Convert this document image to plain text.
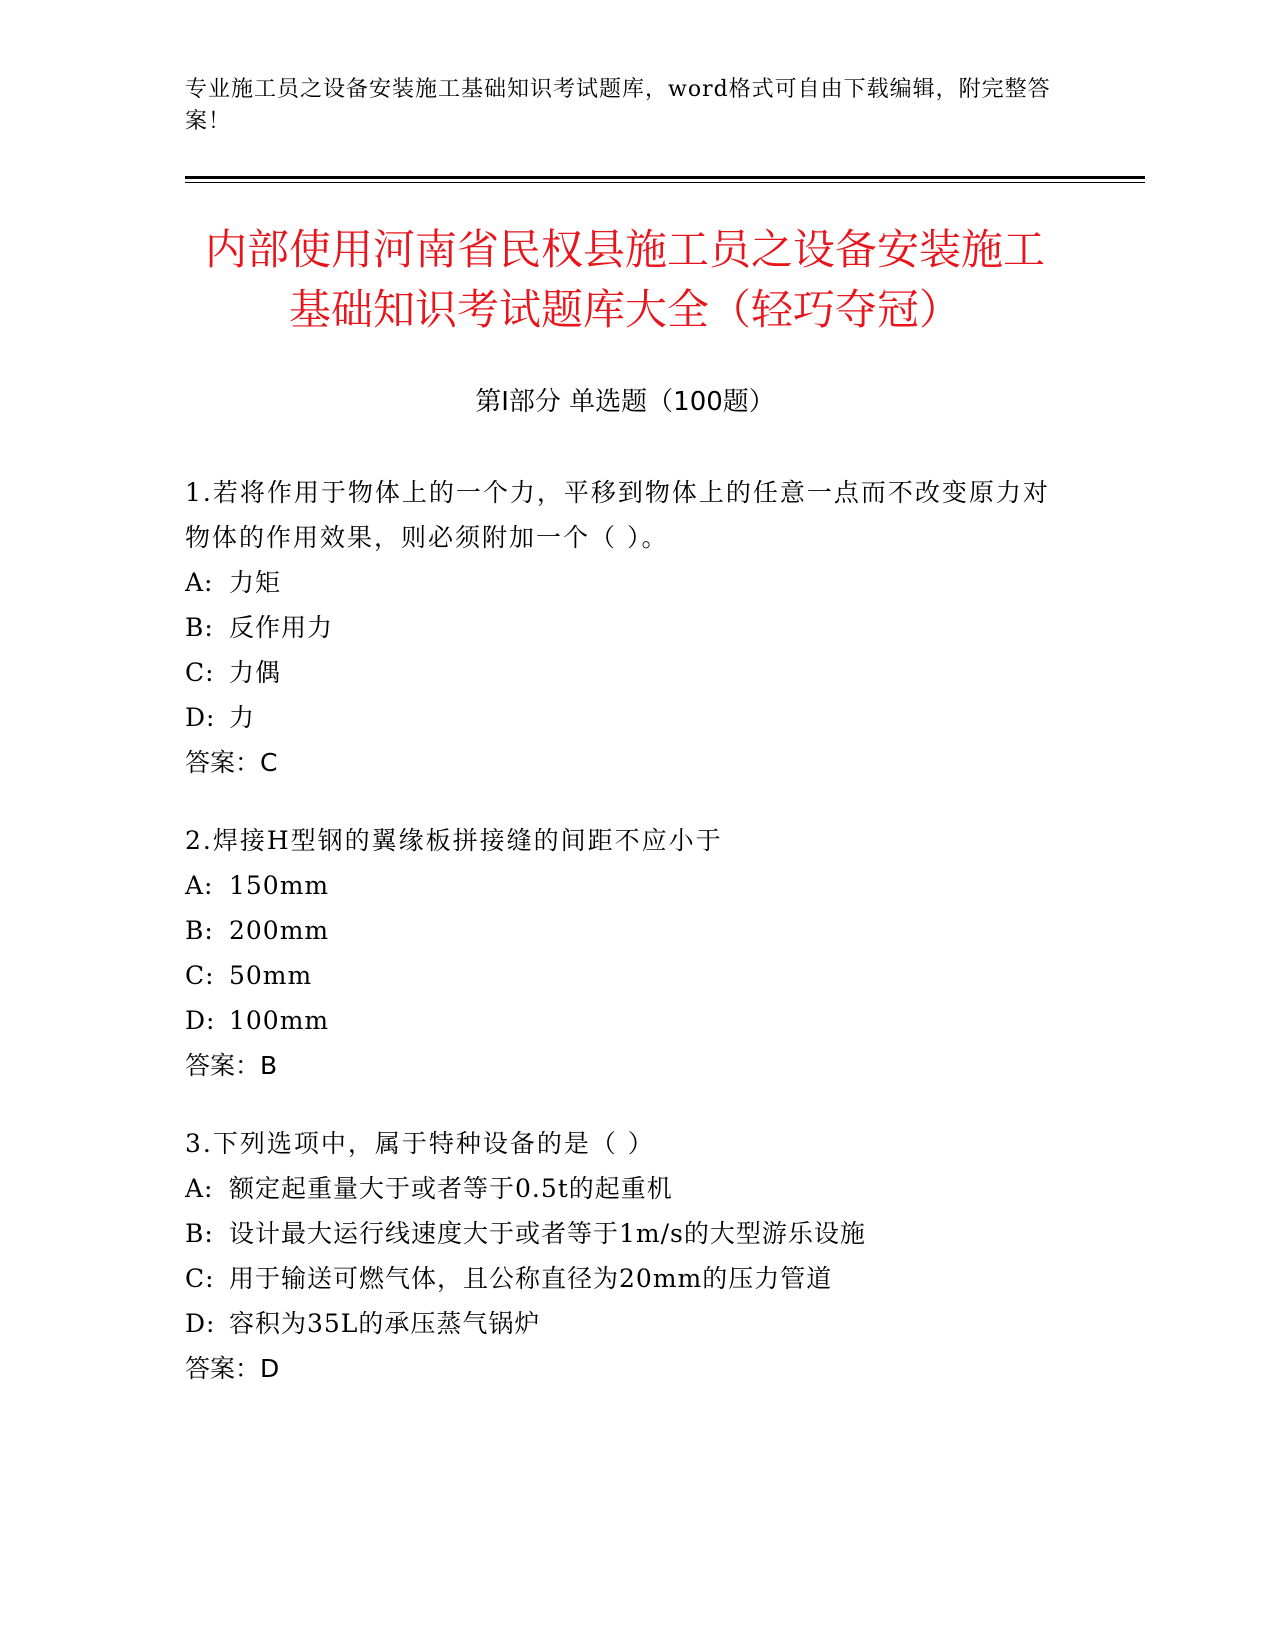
专业施工员之设备安装施工基础知识考试题库，word格式可自由下载编辑，附完整答案！
内部使用河南省民权县施工员之设备安装施工基础知识考试题库大全（轻巧夺冠）
第I部分 单选题（100题）

1.若将作用于物体上的一个力，平移到物体上的任意一点而不改变原力对物体的作用效果，则必须附加一个（ ）。

A: 力矩

B: 反作用力

C: 力偶

D: 力

答案：C

2.焊接H型钢的翼缘板拼接缝的间距不应小于

A: 150mm

B: 200mm

C: 50mm

D: 100mm

答案：B

3.下列选项中，属于特种设备的是（ ）

A: 额定起重量大于或者等于0.5t的起重机

B: 设计最大运行线速度大于或者等于1m/s的大型游乐设施

C: 用于输送可燃气体，且公称直径为20mm的压力管道

D: 容积为35L的承压蒸气锅炉

答案：D
